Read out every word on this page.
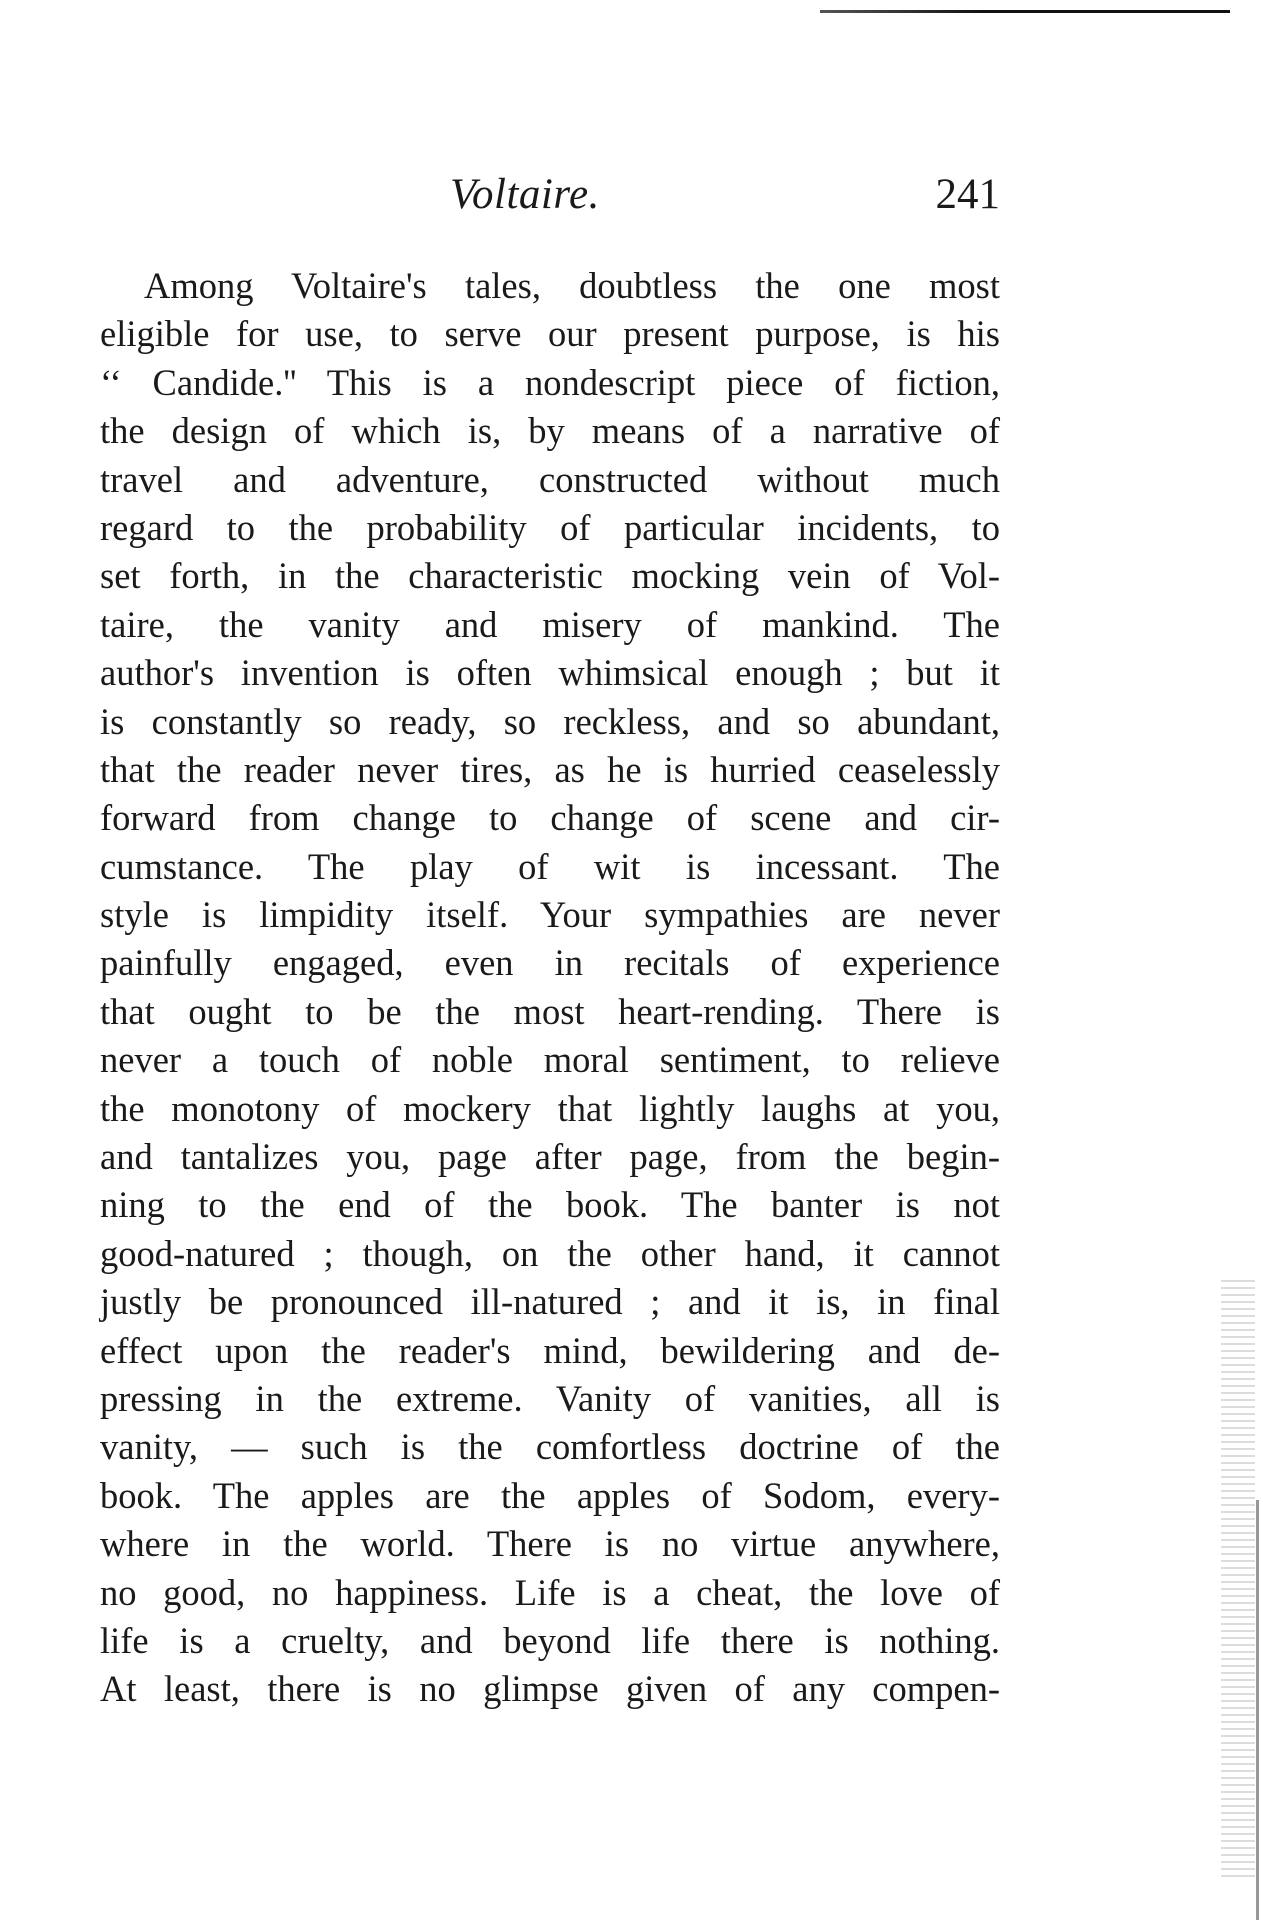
Voltaire.	241
Among Voltaire's tales, doubtless the one most
eligible for use, to serve our present purpose, is his
‘‘ Candide.'' This is a nondescript piece of fiction,
the design of which is, by means of a narrative of
travel and adventure, constructed without much
regard to the probability of particular incidents, to
set forth, in the characteristic mocking vein of Vol-
taire, the vanity and misery of mankind. The
author's invention is often whimsical enough ; but it
is constantly so ready, so reckless, and so abundant,
that the reader never tires, as he is hurried ceaselessly
forward from change to change of scene and cir-
cumstance. The play of wit is incessant. The
style is limpidity itself. Your sympathies are never
painfully engaged, even in recitals of experience
that ought to be the most heart-rending. There is
never a touch of noble moral sentiment, to relieve
the monotony of mockery that lightly laughs at you,
and tantalizes you, page after page, from the begin-
ning to the end of the book. The banter is not
good-natured ; though, on the other hand, it cannot
justly be pronounced ill-natured ; and it is, in final
effect upon the reader's mind, bewildering and de-
pressing in the extreme. Vanity of vanities, all is
vanity, — such is the comfortless doctrine of the
book. The apples are the apples of Sodom, every-
where in the world. There is no virtue anywhere,
no good, no happiness. Life is a cheat, the love of
life is a cruelty, and beyond life there is nothing.
At least, there is no glimpse given of any compen-
